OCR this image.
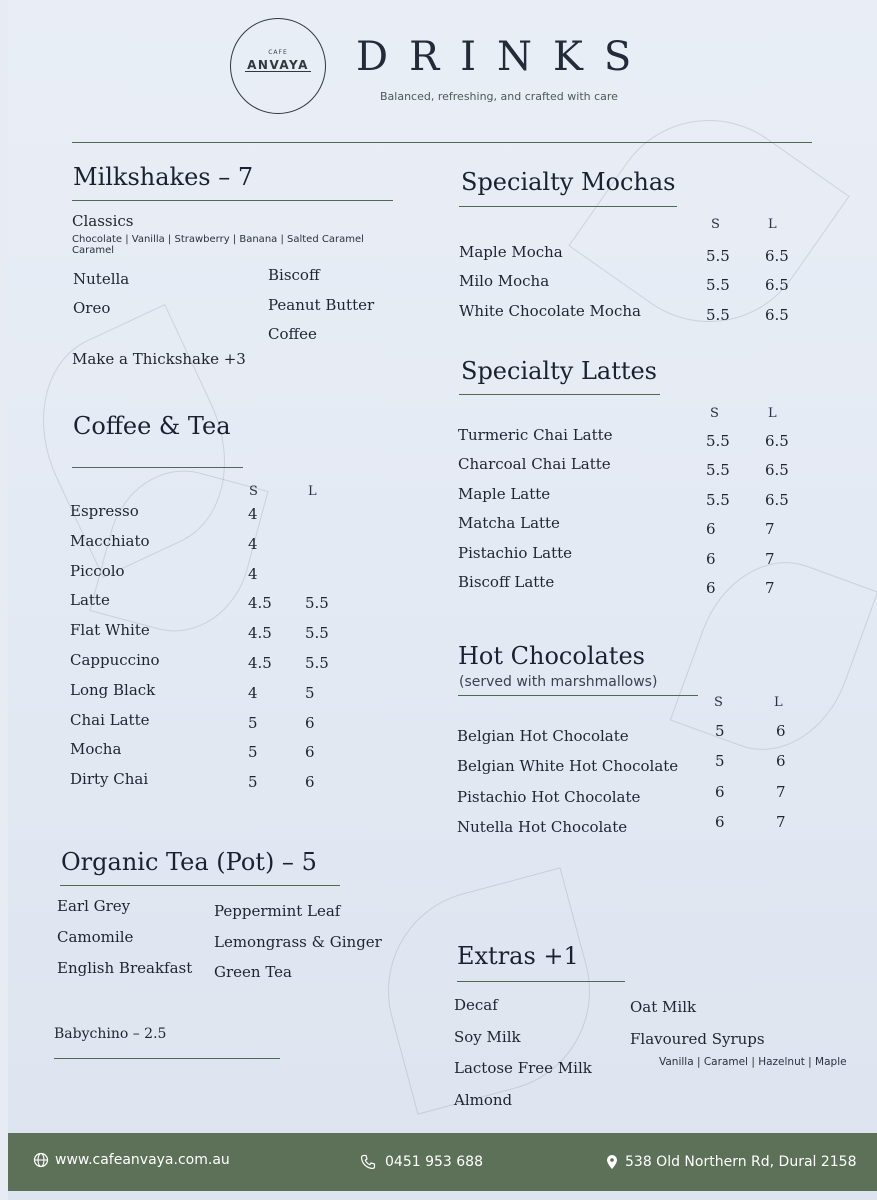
CAFE
ANVAYA	DRINKS
Balanced, refreshing, and crafted with care
Milkshakes – 7
Classics
Chocolate | Vanilla | Strawberry | Banana | Salted Caramel
Caramel
Nutella
Oreo
Biscoff
Peanut Butter
Coffee
Make a Thickshake +3
Coffee & Tea
S	L
Espresso	4
Macchiato	4
Piccolo	4
Latte	4.5 5.5
Flat White	4.5 5.5
Cappuccino	4.5 5.5
Long Black	4	5
Chai Latte	5	6
Mocha	5	6
Dirty Chai	5	6
Organic Tea (Pot) – 5
Earl Grey
Camomile
English Breakfast
Peppermint Leaf
Lemongrass & Ginger
Green Tea
Babychino – 2.5
Specialty Mochas
S	L
Maple Mocha	5.5 6.5
Milo Mocha	5.5 6.5
White Chocolate Mocha	5.5 6.5
Specialty Lattes
S	L
Turmeric Chai Latte	5.5 6.5
Charcoal Chai Latte	5.5 6.5
Maple Latte	5.5 6.5
Matcha Latte	6	7
Pistachio Latte	6	7
Biscoff Latte	6	7
Hot Chocolates
(served with marshmallows)
S	L
Belgian Hot Chocolate	5	6
Belgian White Hot Chocolate 5	6
Pistachio Hot Chocolate	6	7
Nutella Hot Chocolate	6	7
Extras +1
Decaf
Soy Milk
Lactose Free Milk
Almond
Oat Milk
Flavoured Syrups
Vanilla | Caramel | Hazelnut | Maple
www.cafeanvaya.com.au	0451 953 688	538 Old Northern Rd, Dural 2158
